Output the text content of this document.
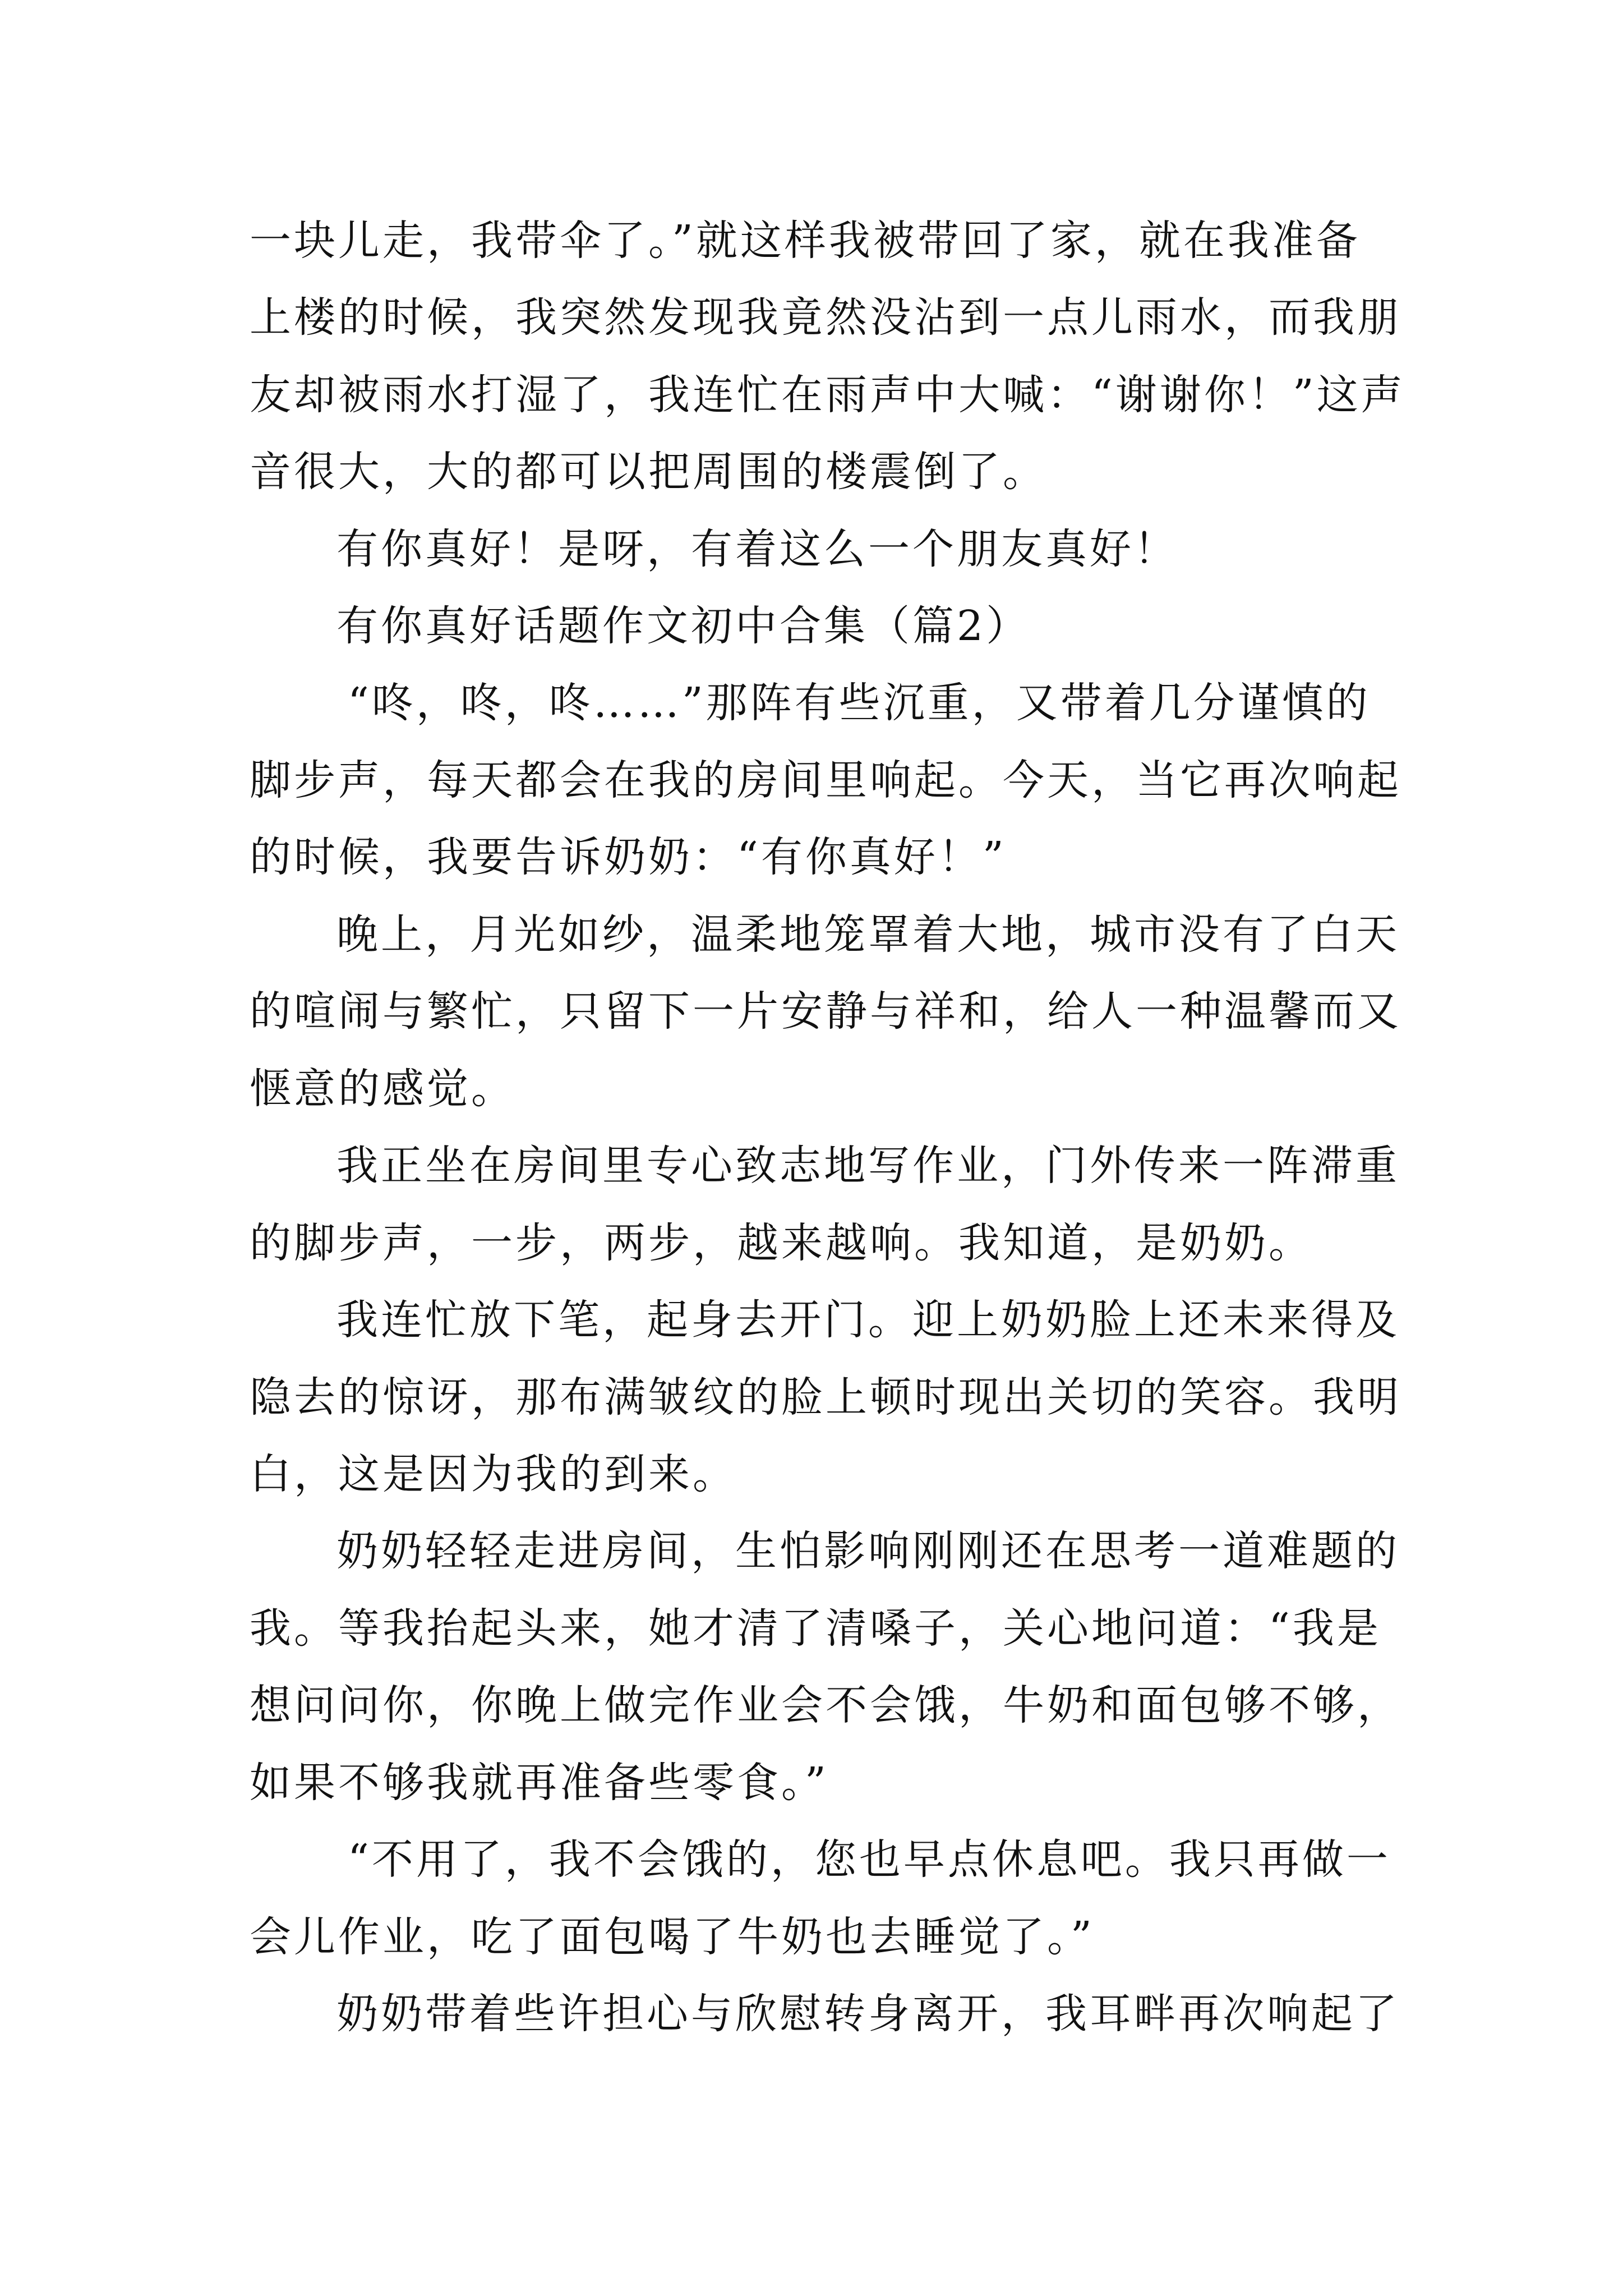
一块儿走，我带伞了。”就这样我被带回了家，就在我准备
上楼的时候，我突然发现我竟然没沾到一点儿雨水，而我朋
友却被雨水打湿了，我连忙在雨声中大喊：“谢谢你！”这声
音很大，大的都可以把周围的楼震倒了。
有你真好！是呀，有着这么一个朋友真好！
有你真好话题作文初中合集（篇2）
“咚，咚，咚……”那阵有些沉重，又带着几分谨慎的
脚步声，每天都会在我的房间里响起。今天，当它再次响起
的时候，我要告诉奶奶：“有你真好！”
晚上，月光如纱，温柔地笼罩着大地，城市没有了白天
的喧闹与繁忙，只留下一片安静与祥和，给人一种温馨而又
惬意的感觉。
我正坐在房间里专心致志地写作业，门外传来一阵滞重
的脚步声，一步，两步，越来越响。我知道，是奶奶。
我连忙放下笔，起身去开门。迎上奶奶脸上还未来得及
隐去的惊讶，那布满皱纹的脸上顿时现出关切的笑容。我明
白，这是因为我的到来。
奶奶轻轻走进房间，生怕影响刚刚还在思考一道难题的
我。等我抬起头来，她才清了清嗓子，关心地问道：“我是
想问问你，你晚上做完作业会不会饿，牛奶和面包够不够，
如果不够我就再准备些零食。”
“不用了，我不会饿的，您也早点休息吧。我只再做一
会儿作业，吃了面包喝了牛奶也去睡觉了。”
奶奶带着些许担心与欣慰转身离开，我耳畔再次响起了
